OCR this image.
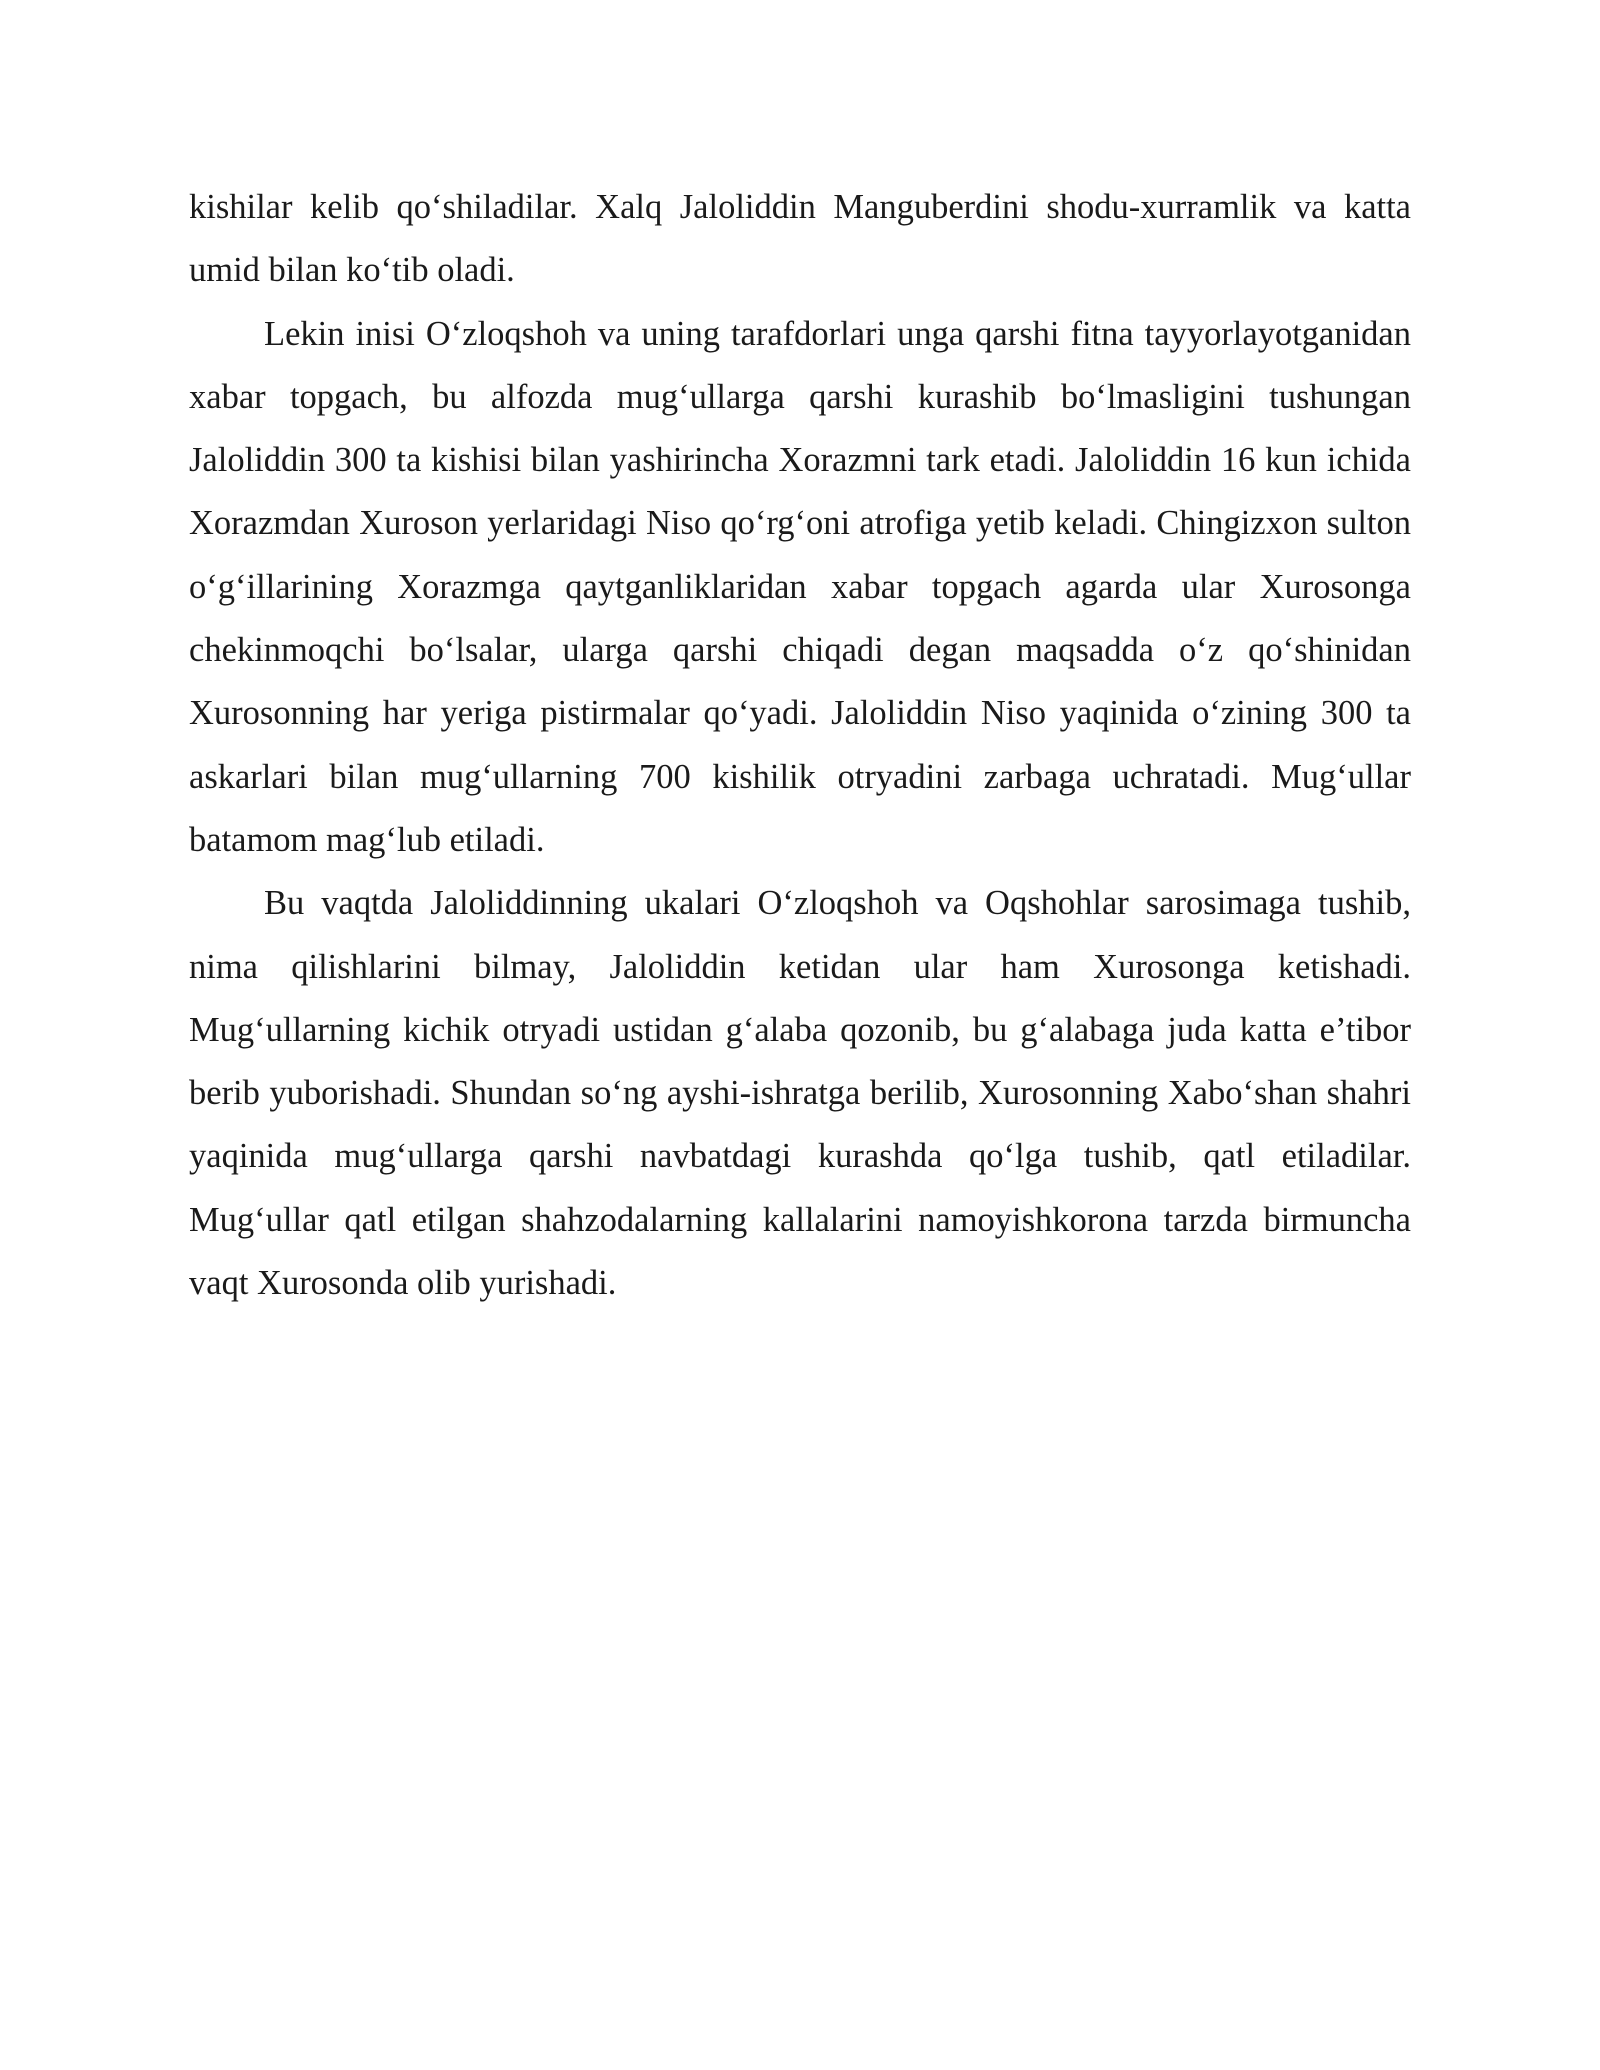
kishilar kelib qo‘shiladilar. Xalq Jaloliddin Manguberdini shodu-xurramlik va katta umid bilan ko‘tib oladi.

Lekin inisi O‘zloqshoh va uning tarafdorlari unga qarshi fitna tayyorlayotganidan xabar topgach, bu alfozda mug‘ullarga qarshi kurashib bo‘lmasligini tushungan Jaloliddin 300 ta kishisi bilan yashirincha Xorazmni tark etadi. Jaloliddin 16 kun ichida Xorazmdan Xuroson yerlaridagi Niso qo‘rg‘oni atrofiga yetib keladi. Chingizxon sulton o‘g‘illarining Xorazmga qaytganliklaridan xabar topgach agarda ular Xurosonga chekinmoqchi bo‘lsalar, ularga qarshi chiqadi degan maqsadda o‘z qo‘shinidan Xurosonning har yeriga pistirmalar qo‘yadi. Jaloliddin Niso yaqinida o‘zining 300 ta askarlari bilan mug‘ullarning 700 kishilik otryadini zarbaga uchratadi. Mug‘ullar batamom mag‘lub etiladi.

Bu vaqtda Jaloliddinning ukalari O‘zloqshoh va Oqshohlar sarosimaga tushib, nima qilishlarini bilmay, Jaloliddin ketidan ular ham Xurosonga ketishadi. Mug‘ullarning kichik otryadi ustidan g‘alaba qozonib, bu g‘alabaga juda katta e’tibor berib yuborishadi. Shundan so‘ng ayshi-ishratga berilib, Xurosonning Xabo‘shan shahri yaqinida mug‘ullarga qarshi navbatdagi kurashda qo‘lga tushib, qatl etiladilar. Mug‘ullar qatl etilgan shahzodalarning kallalarini namoyishkorona tarzda birmuncha vaqt Xurosonda olib yurishadi.
